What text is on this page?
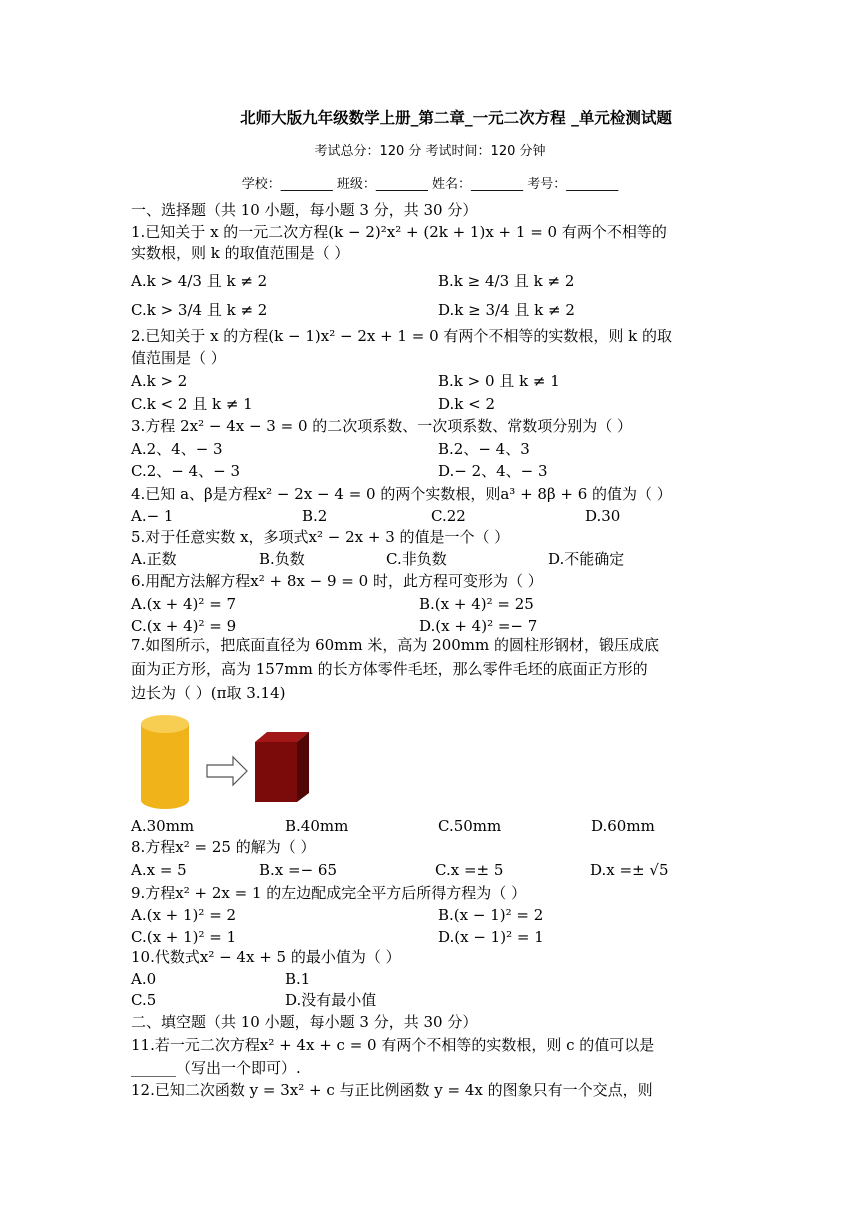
北师大版九年级数学上册_第二章_一元二次方程 _单元检测试题
考试总分：120 分 考试时间：120 分钟
学校：________ 班级：________ 姓名：________ 考号：________
一、选择题（共 10 小题，每小题 3 分，共 30 分）
1.已知关于 x 的一元二次方程(k − 2)²x² + (2k + 1)x + 1 = 0 有两个不相等的
实数根，则 k 的取值范围是（ ）
A.k > 4/3 且 k ≠ 2	B.k ≥ 4/3 且 k ≠ 2
C.k > 3/4 且 k ≠ 2	D.k ≥ 3/4 且 k ≠ 2
2.已知关于 x 的方程(k − 1)x² − 2x + 1 = 0 有两个不相等的实数根，则 k 的取
值范围是（ ）
A.k > 2	B.k > 0 且 k ≠ 1
C.k < 2 且 k ≠ 1	D.k < 2
3.方程 2x² − 4x − 3 = 0 的二次项系数、一次项系数、常数项分别为（ ）
A.2、4、− 3	B.2、− 4、3
C.2、− 4、− 3	D.− 2、4、− 3
4.已知 a、β是方程x² − 2x − 4 = 0 的两个实数根，则a³ + 8β + 6 的值为（ ）
A.− 1	B.2	C.22	D.30
5.对于任意实数 x，多项式x² − 2x + 3 的值是一个（ ）
A.正数	B.负数	C.非负数	D.不能确定
6.用配方法解方程x² + 8x − 9 = 0 时，此方程可变形为（ ）
A.(x + 4)² = 7	B.(x + 4)² = 25
C.(x + 4)² = 9	D.(x + 4)² =− 7
7.如图所示，把底面直径为 60mm 米，高为 200mm 的圆柱形钢材，锻压成底
面为正方形，高为 157mm 的长方体零件毛坯，那么零件毛坯的底面正方形的
边长为（ ）(π取 3.14)
A.30mm	B.40mm	C.50mm	D.60mm
8.方程x² = 25 的解为（ ）
A.x = 5	B.x =− 65	C.x =± 5	D.x =± √5
9.方程x² + 2x = 1 的左边配成完全平方后所得方程为（ ）
A.(x + 1)² = 2	B.(x − 1)² = 2
C.(x + 1)² = 1	D.(x − 1)² = 1
10.代数式x² − 4x + 5 的最小值为（ ）
A.0	B.1
C.5	D.没有最小值
二、填空题（共 10 小题，每小题 3 分，共 30 分）
11.若一元二次方程x² + 4x + c = 0 有两个不相等的实数根，则 c 的值可以是
______（写出一个即可）.
12.已知二次函数 y = 3x² + c 与正比例函数 y = 4x 的图象只有一个交点，则
